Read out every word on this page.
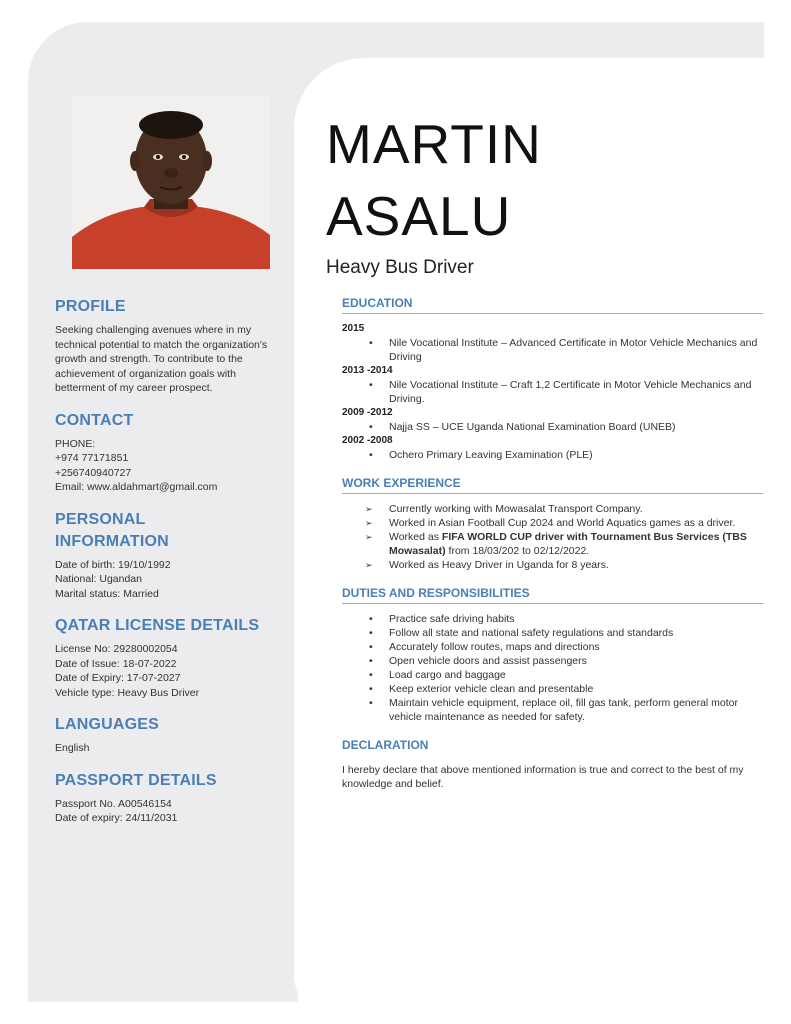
PROFILE

Seeking challenging avenues where in my technical potential to match the organization's growth and strength. To contribute to the achievement of organization goals with betterment of my career prospect.

CONTACT

PHONE:
+974 77171851
+256740940727
Email: www.aldahmart@gmail.com

PERSONAL
INFORMATION

Date of birth: 19/10/1992
National: Ugandan
Marital status: Married

QATAR LICENSE DETAILS

License No: 29280002054
Date of Issue: 18-07-2022
Date of Expiry: 17-07-2027
Vehicle type: Heavy Bus Driver

LANGUAGES

English

PASSPORT DETAILS

Passport No. A00546154
Date of expiry: 24/11/2031

MARTIN
ASALU

Heavy Bus Driver

EDUCATION

2015

• Nile Vocational Institute – Advanced Certificate in Motor Vehicle Mechanics and Driving

2013 -2014

• Nile Vocational Institute – Craft 1,2 Certificate in Motor Vehicle Mechanics and Driving.

2009 -2012

• Najja SS – UCE Uganda National Examination Board (UNEB)

2002 -2008

• Ochero Primary Leaving Examination (PLE)
WORK EXPERIENCE
➢ Currently working with Mowasalat Transport Company.
➢ Worked in Asian Football Cup 2024 and World Aquatics games as a driver.
➢ Worked as FIFA WORLD CUP driver with Tournament Bus Services (TBS Mowasalat) from 18/03/202 to 02/12/2022.
➢ Worked as Heavy Driver in Uganda for 8 years.
DUTIES AND RESPONSIBILITIES
• Practice safe driving habits
• Follow all state and national safety regulations and standards
• Accurately follow routes, maps and directions
• Open vehicle doors and assist passengers
• Load cargo and baggage
• Keep exterior vehicle clean and presentable
• Maintain vehicle equipment, replace oil, fill gas tank, perform general motor vehicle maintenance as needed for safety.
DECLARATION

I hereby declare that above mentioned information is true and correct to the best of my knowledge and belief.
